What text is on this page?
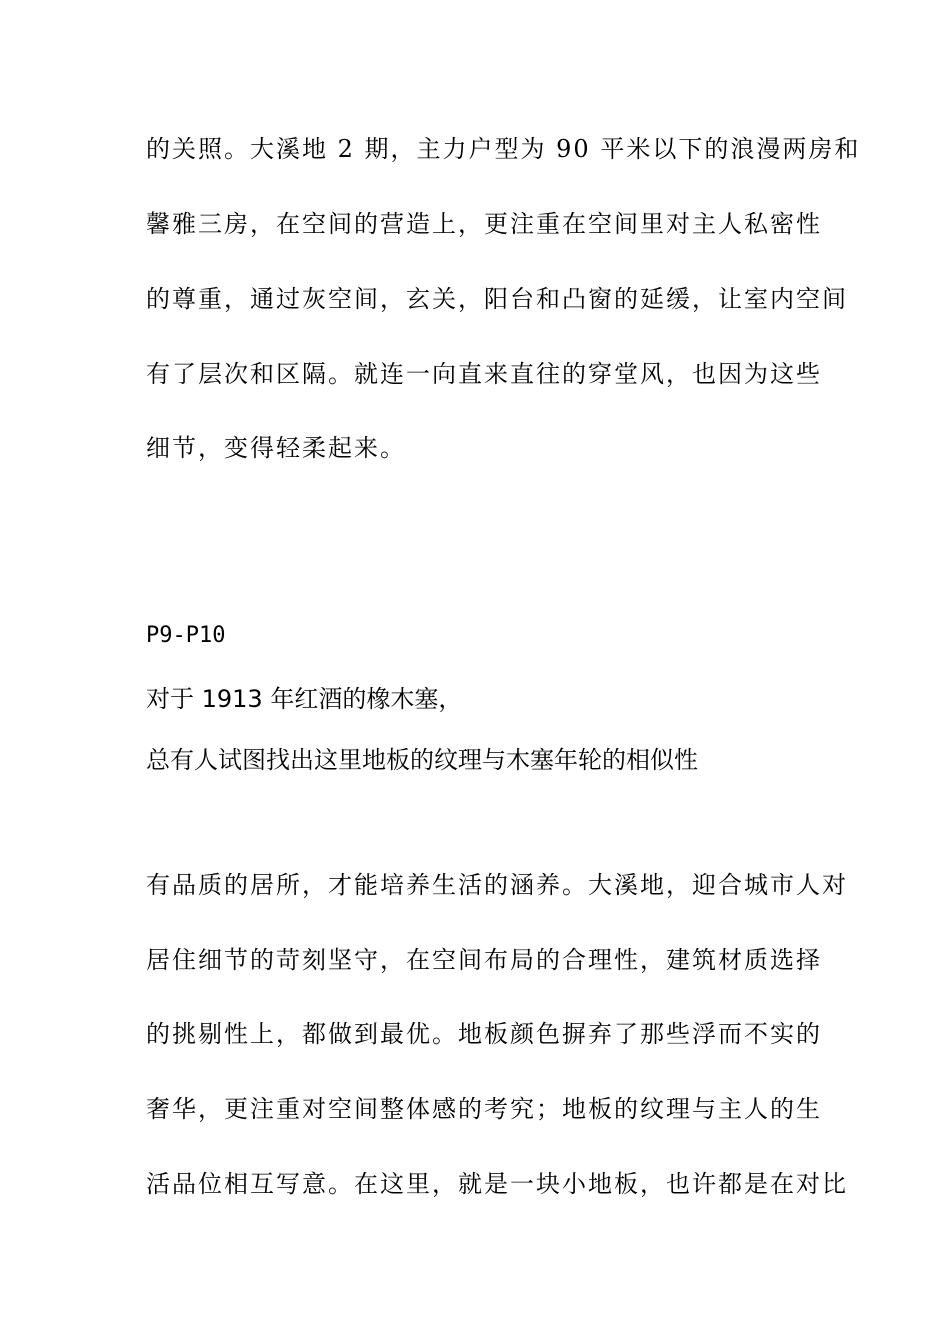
的关照。大溪地 2 期，主力户型为 90 平米以下的浪漫两房和
馨雅三房，在空间的营造上，更注重在空间里对主人私密性
的尊重，通过灰空间，玄关，阳台和凸窗的延缓，让室内空间
有了层次和区隔。就连一向直来直往的穿堂风，也因为这些
细节，变得轻柔起来。
P9-P10
对于 1913 年红酒的橡木塞，
总有人试图找出这里地板的纹理与木塞年轮的相似性
有品质的居所，才能培养生活的涵养。大溪地，迎合城市人对
居住细节的苛刻坚守，在空间布局的合理性，建筑材质选择
的挑剔性上，都做到最优。地板颜色摒弃了那些浮而不实的
奢华，更注重对空间整体感的考究；地板的纹理与主人的生
活品位相互写意。在这里，就是一块小地板，也许都是在对比
